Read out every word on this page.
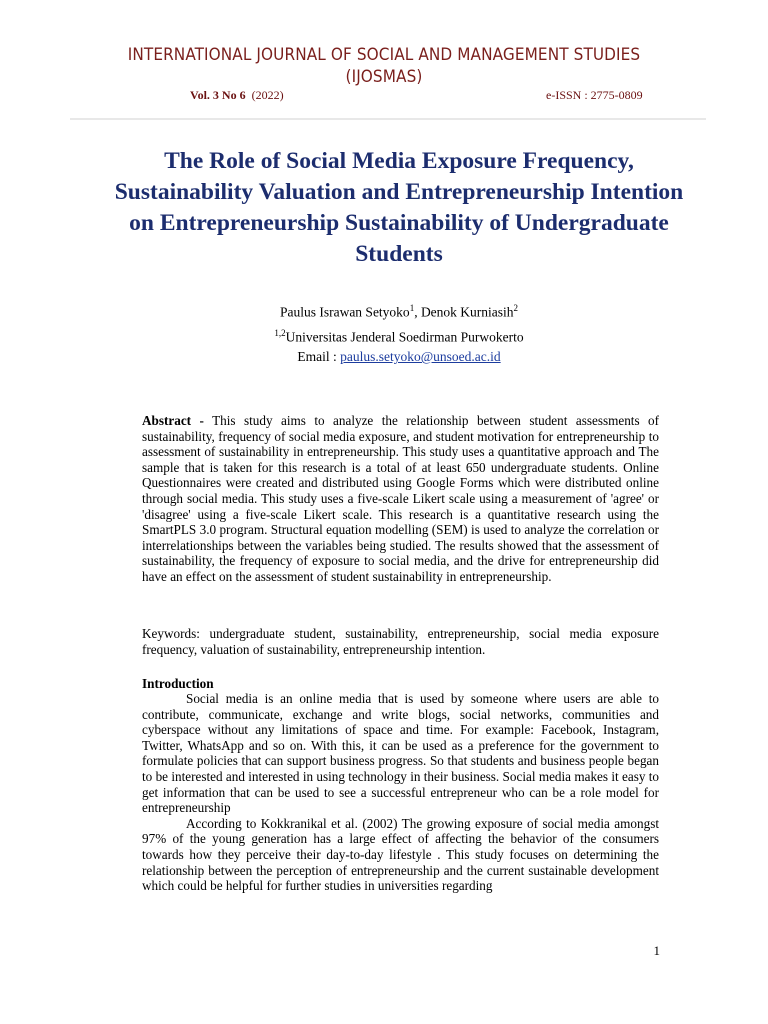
INTERNATIONAL JOURNAL OF SOCIAL AND MANAGEMENT STUDIES
(IJOSMAS)
Vol. 3 No 6 (2022)	e-ISSN : 2775-0809
The Role of Social Media Exposure Frequency, Sustainability Valuation and Entrepreneurship Intention on Entrepreneurship Sustainability of Undergraduate Students
Paulus Israwan Setyoko$^1$, Denok Kurniasih$^2$
$^{1,2}$Universitas Jenderal Soedirman Purwokerto
Email : paulus.setyoko@unsoed.ac.id
Abstract - This study aims to analyze the relationship between student assessments of sustainability, frequency of social media exposure, and student motivation for entrepreneurship to assessment of sustainability in entrepreneurship. This study uses a quantitative approach and The sample that is taken for this research is a total of at least 650 undergraduate students. Online Questionnaires were created and distributed using Google Forms which were distributed online through social media. This study uses a five-scale Likert scale using a measurement of 'agree' or 'disagree' using a five-scale Likert scale. This research is a quantitative research using the SmartPLS 3.0 program. Structural equation modelling (SEM) is used to analyze the correlation or interrelationships between the variables being studied. The results showed that the assessment of sustainability, the frequency of exposure to social media, and the drive for entrepreneurship did have an effect on the assessment of student sustainability in entrepreneurship.
Keywords: undergraduate student, sustainability, entrepreneurship, social media exposure frequency, valuation of sustainability, entrepreneurship intention.
Introduction

Social media is an online media that is used by someone where users are able to contribute, communicate, exchange and write blogs, social networks, communities and cyberspace without any limitations of space and time. For example: Facebook, Instagram, Twitter, WhatsApp and so on. With this, it can be used as a preference for the government to formulate policies that can support business progress. So that students and business people began to be interested and interested in using technology in their business. Social media makes it easy to get information that can be used to see a successful entrepreneur who can be a role model for entrepreneurship

According to Kokkranikal et al. (2002) The growing exposure of social media amongst 97% of the young generation has a large effect of affecting the behavior of the consumers towards how they perceive their day-to-day lifestyle . This study focuses on determining the relationship between the perception of entrepreneurship and the current sustainable development which could be helpful for further studies in universities regarding

1
